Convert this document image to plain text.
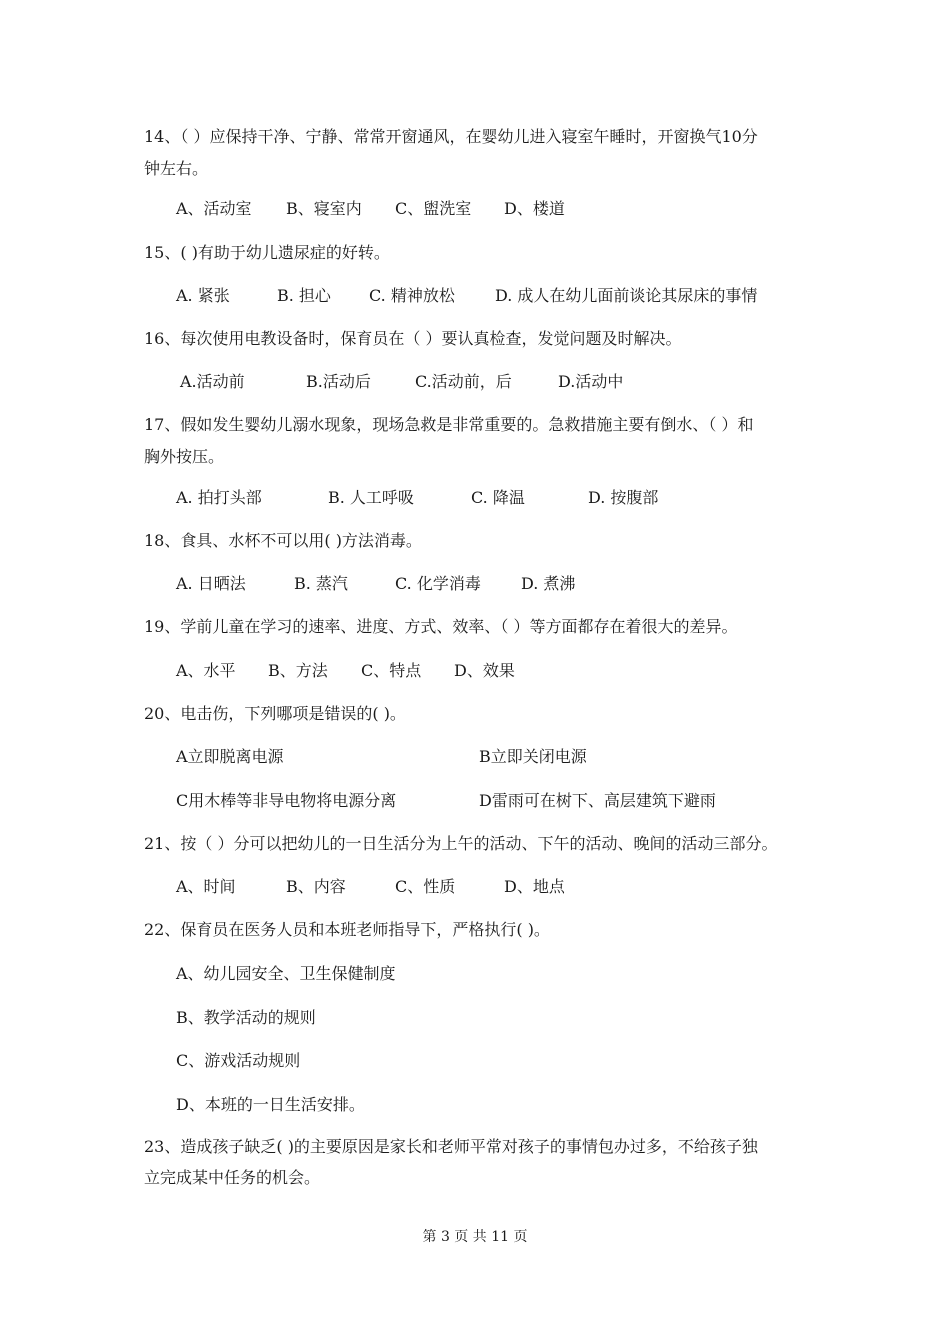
14、（ ）应保持干净、宁静、常常开窗通风，在婴幼儿进入寝室午睡时，开窗换气10分
钟左右。
A、活动室 B、寝室内 C、盥洗室 D、楼道
15、( )有助于幼儿遗尿症的好转。
A. 紧张	B. 担心 C. 精神放松	D. 成人在幼儿面前谈论其尿床的事情
16、每次使用电教设备时，保育员在（ ）要认真检查，发觉问题及时解决。
A.活动前	B.活动后	C.活动前，后	D.活动中
17、假如发生婴幼儿溺水现象，现场急救是非常重要的。急救措施主要有倒水、（ ）和
胸外按压。
A. 拍打头部	B. 人工呼吸	C. 降温	D. 按腹部
18、食具、水杯不可以用( )方法消毒。
A. 日晒法	B. 蒸汽	C. 化学消毒	D. 煮沸
19、学前儿童在学习的速率、进度、方式、效率、（ ）等方面都存在着很大的差异。
A、水平 B、方法 C、特点 D、效果
20、电击伤，下列哪项是错误的( )。
A立即脱离电源	B立即关闭电源
C用木棒等非导电物将电源分离	D雷雨可在树下、高层建筑下避雨
21、按（ ）分可以把幼儿的一日生活分为上午的活动、下午的活动、晚间的活动三部分。
A、时间	B、内容	C、性质	D、地点
22、保育员在医务人员和本班老师指导下，严格执行( )。
A、幼儿园安全、卫生保健制度
B、教学活动的规则
C、游戏活动规则
D、本班的一日生活安排。
23、造成孩子缺乏( )的主要原因是家长和老师平常对孩子的事情包办过多，不给孩子独
立完成某中任务的机会。
第 3 页 共 11 页
